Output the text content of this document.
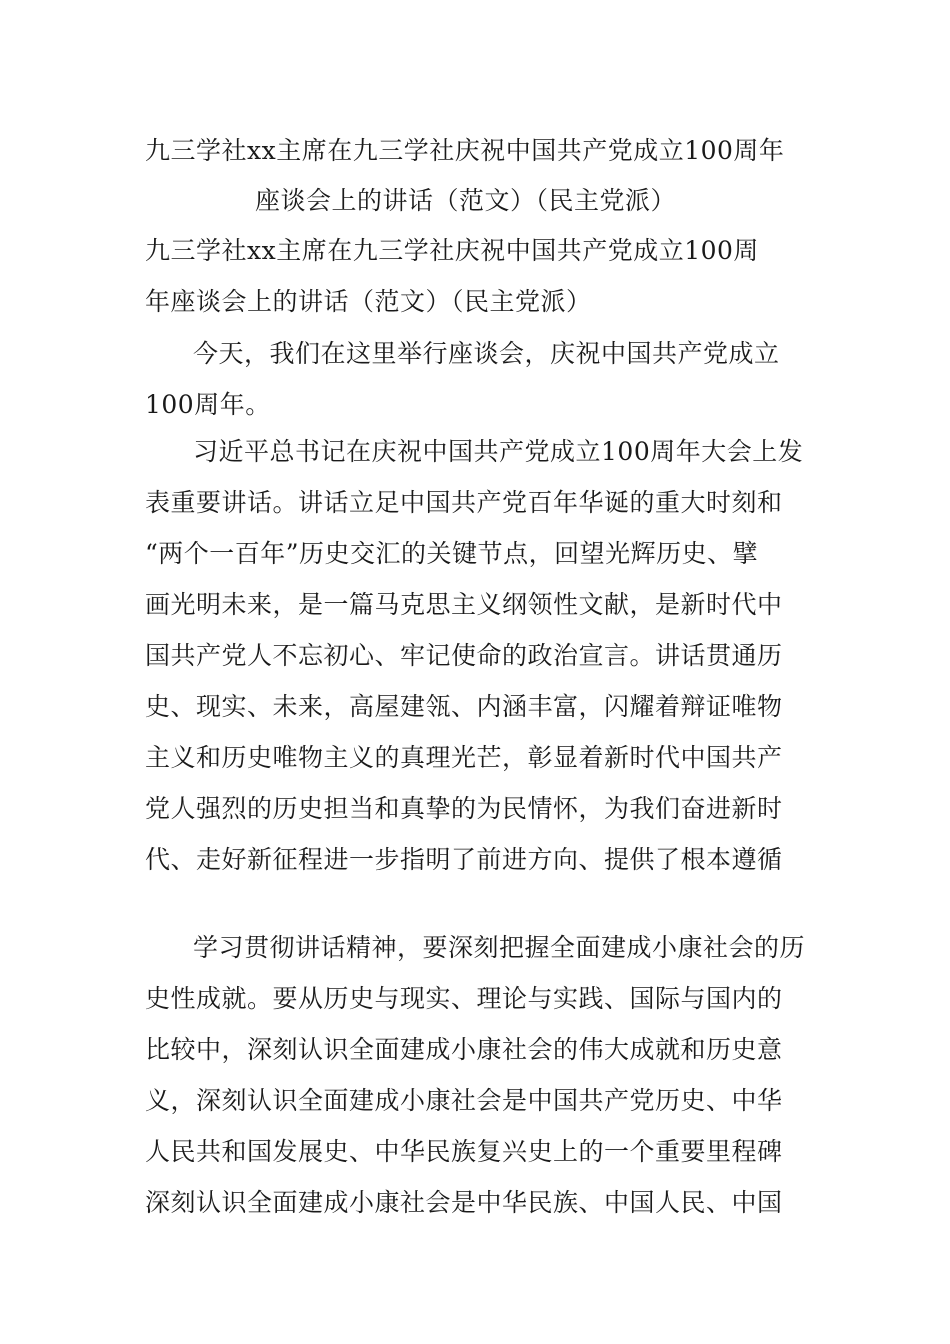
九三学社xx主席在九三学社庆祝中国共产党成立100周年
座谈会上的讲话（范文）（民主党派）
九三学社xx主席在九三学社庆祝中国共产党成立100周
年座谈会上的讲话（范文）（民主党派）
今天，我们在这里举行座谈会，庆祝中国共产党成立
100周年。
习近平总书记在庆祝中国共产党成立100周年大会上发
表重要讲话。讲话立足中国共产党百年华诞的重大时刻和
“两个一百年”历史交汇的关键节点，回望光辉历史、擘
画光明未来，是一篇马克思主义纲领性文献，是新时代中
国共产党人不忘初心、牢记使命的政治宣言。讲话贯通历
史、现实、未来，高屋建瓴、内涵丰富，闪耀着辩证唯物
主义和历史唯物主义的真理光芒，彰显着新时代中国共产
党人强烈的历史担当和真挚的为民情怀，为我们奋进新时
代、走好新征程进一步指明了前进方向、提供了根本遵循
学习贯彻讲话精神，要深刻把握全面建成小康社会的历
史性成就。要从历史与现实、理论与实践、国际与国内的
比较中，深刻认识全面建成小康社会的伟大成就和历史意
义，深刻认识全面建成小康社会是中国共产党历史、中华
人民共和国发展史、中华民族复兴史上的一个重要里程碑
深刻认识全面建成小康社会是中华民族、中国人民、中国
